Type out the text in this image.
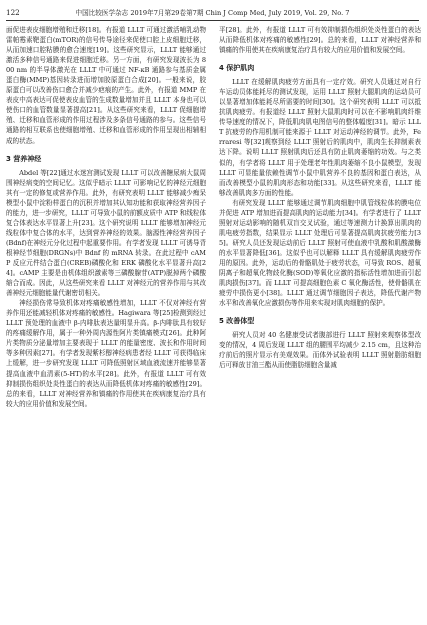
122	中国比较医学杂志 2019年7月第29卷第7期 Chin J Comp Med, July 2019, Vol. 29, No. 7

面促进表皮细胞增殖和迁移[18]。有报道 LLLT 可通过激活哺乳动物雷帕霉素靶蛋白(mTOR)的信号传导途径来促使口腔上皮细胞迁移，从而加速口腔粘膜的愈合速度[19]。这些研究显示，LLLT 能够通过激活多种信号通路来促进细胞迁移。另一方面，有研究发现波长为 800 nm 的半导体激光在 LLLT 中可通过 NF-κB 通路参与基质金属蛋白酶(MMP)基因转录进而增加胶原蛋白合成[20]。一般来说，胶原蛋白可以改善伤口愈合并减少疤痕的产生。此外，有报道 MMP 在表皮中高表达可促使表皮血管的生成数量增加并且 LLLT 本身也可以使伤口的血管数量显著提高[21]。从这些研究来看，LLLT 促细胞增殖、迁移和血管形成的作用过程涉及多条信号通路的参与。这些信号通路的相互联系也使细胞增殖、迁移和血管形成的作用呈现出相辅相成的状态。

3 营养神经

Abdel 等[22]通过水迷宫测试发现 LLLT 可以改善糖尿病大鼠周围神经病变的空间记忆。这似乎暗示 LLLT 可影响记忆的神经元细胞其有一定的修复或营养作用。此外，有研究表明 LLLT 能够减少痴呆模型小鼠中淀粉样蛋白的沉积并增加其认知功能和获取神经营养因子的能力，进一步研究，LLLT 可导致小鼠的前额皮质中 ATP 和线粒体复合体表达水平显著上升[23]。这个研究说明 LLLT 能够增加神经元线粒体中复合体的水平，达到营养神经的效果。脑源性神经营养因子(Bdnf)在神经元分化过程中起重要作用。有学者发现 LLLT 可诱导背根神经节细胞(DRGNs)中 Bdnf 的 mRNA 转录。在此过程中 cAMP 反应元件结合蛋白(CREB)磷酸化和 ERK 磷酸化水平显著升高[24]。cAMP 主要是由机体组织激素等三磷酸腺苷(ATP)脱掉两个磷酸缩合而成。因此，从这些研究来看 LLLT 对神经元的营养作用与其改善神经元细胞能量代谢密切相关。

神经损伤常导致机体对疼痛敏感性增加，LLLT 不仅对神经有营养作用还能减轻机体对疼痛的敏感性。Hagiwara 等[25]检测到经过 LLLT 预处理的血液中 β-内啡肽表达量明显升高。β-内啡肽具有较好的疼痛缓解作用，属于一种外周内源性阿片类镇痛模式[26]。此种阿片类物质分泌量增加主要表现于 LLLT 的能量密度、波长和作用时间等多种因素[27]。有学者发现紫杉醇神经病患者经 LLLT 可获得临床上缓解，进一步研究发现 LLLT 可降低照射区域血液流速并能够显著提高血液中血清素(5-HT)的水平[28]。此外，有报道 LLLT 可有效抑制损伤组织处炎性蛋白的表达从而降低机体对疼痛的敏感性[29]。总的来看，LLLT 对神经营养和镇痛的作用使其在疾病康复治疗具有较大的应用价值和发展空间。

平[28]。此外，有报道 LLLT 可有效抑制损伤组织处炎性蛋白的表达从而降低机体对疼痛的敏感性[29]。总的来看，LLLT 对神经营养和镇痛的作用使其在疾病康复治疗具有较大的应用价值和发展空间。

4 保护肌肉

LLLT 在缓解肌肉疲劳方面具有一定疗效。研究人员通过对自行车运动员体能耗尽的测试发现，运用 LLLT 照射大腿肌肉的运动员可以显著增加体能耗尽所需要的时间[30]。这个研究表明 LLLT 可以抵抗肌肉疲劳。有报道经 LLLT 照射大鼠肌肉时可以在不影响肌肉纤维传导速度的情况下，降低肌肉肌电图信号的整体幅度[31]。暗示 LLLT 抗疲劳的作用机制可能来源于 LLLT 对运动神经的调节。此外，Ferraresi 等[32]观察到经 LLLT 照射后的肌肉中，肌肉生长抑制素表达下降。说明 LLLT 照射肌肉后还具有防止肌肉萎缩的功效。与之类似的，有学者将 LLLT 用于处理老年性肌肉萎缩不良小鼠模型，发现 LLLT 可显能量依赖性调节小鼠中肌营养不良的基因和蛋白表达，从而改善模型小鼠的肌肉形态和功能[33]。从这些研究来看，LLLT 能够改善肌肉多方面的性能。

有研究发现 LLLT 能够通过调节肌肉细胞中肌管线粒体的膜电位并促进 ATP 增加进而提高肌肉的运动能力[34]。有学者进行了 LLLT 照射对运动影响的随机双盲交叉试验，通过等速测力计换算出肌肉的肌电疲劳指数，结果显示 LLLT 处理后可显著提高肌肉抗疲劳能力[35]。研究人员还发现运动前后 LLLT 照射可使血液中乳酸和肌酸激酶的水平显著降低[36]。这似乎也可以解释 LLLT 具有缓解肌肉疲劳作用的原因。此外，运动后的骨骼肌处于疲劳状态，可导致 ROS、超氧阴离子和超氧化物歧化酶(SOD)等氧化应激的指标活性增加进而引起肌肉损伤[37]。而 LLLT 可提高细胞色素 C 氧化酶活性，使骨骼肌在疲劳中损伤更小[38]。LLLT 通过调节细胞因子表达，降低代谢产物水平和改善氧化应激损伤等作用来实现对肌肉细胞的保护。

5 改善体型

研究人员对 40 名健康受试者腹部进行 LLLT 照射来观察体型改变的情况，4 周后发现 LLLT 组的腰围平均减少 2.15 cm，且这种治疗前后的照片显示有美观效果。而体外试验表明 LLLT 照射脂肪细胞后可释放甘油三酯从而使脂肪细胞含量减
